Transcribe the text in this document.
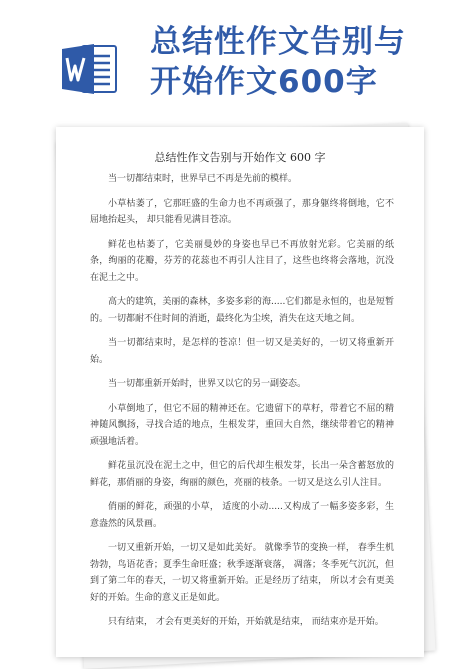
总结性作文告别与
开始作文600字
总结性作文告别与开始作文 600 字

当一切都结束时，世界早已不再是先前的模样。

小草枯萎了，它那旺盛的生命力也不再顽强了，那身躯终将倒地，它不屈地抬起头， 却只能看见满目苍凉。

鲜花也枯萎了，它美丽曼妙的身姿也早已不再放射光彩。它美丽的纸条，绚丽的花瓣，芬芳的花蕊也不再引人注目了，这些也终将会落地，沉没在泥土之中。

高大的建筑，美丽的森林，多姿多彩的海.....它们都是永恒的，也是短暂的。一切都耐不住时间的消逝，最终化为尘埃，消失在这天地之间。

当一切都结束时，是怎样的苍凉！但一切又是美好的，一切又将重新开始。

当一切都重新开始时，世界又以它的另一副姿态。

小草倒地了，但它不屈的精神还在。它遗留下的草籽，带着它不屈的精神随风飘扬，寻找合适的地点，生根发芽，重回大自然，继续带着它的精神顽强地活着。

鲜花虽沉没在泥土之中，但它的后代却生根发芽，长出一朵含蓄怒放的鲜花，那俏丽的身姿，绚丽的颜色，亮丽的枝条。一切又是这么引人注目。

俏丽的鲜花，顽强的小草， 适度的小动.....又构成了一幅多姿多彩，生意盎然的风景画。

一切又重新开始，一切又是如此美好。 就像季节的变换一样， 春季生机勃勃，鸟语花香；夏季生命旺盛；秋季逐渐衰落， 凋落；冬季死气沉沉，但到了第二年的春天，一切又将重新开始。正是经历了结束， 所以才会有更美好的开始。生命的意义正是如此。

只有结束， 才会有更美好的开始，开始就是结束， 而结束亦是开始。
